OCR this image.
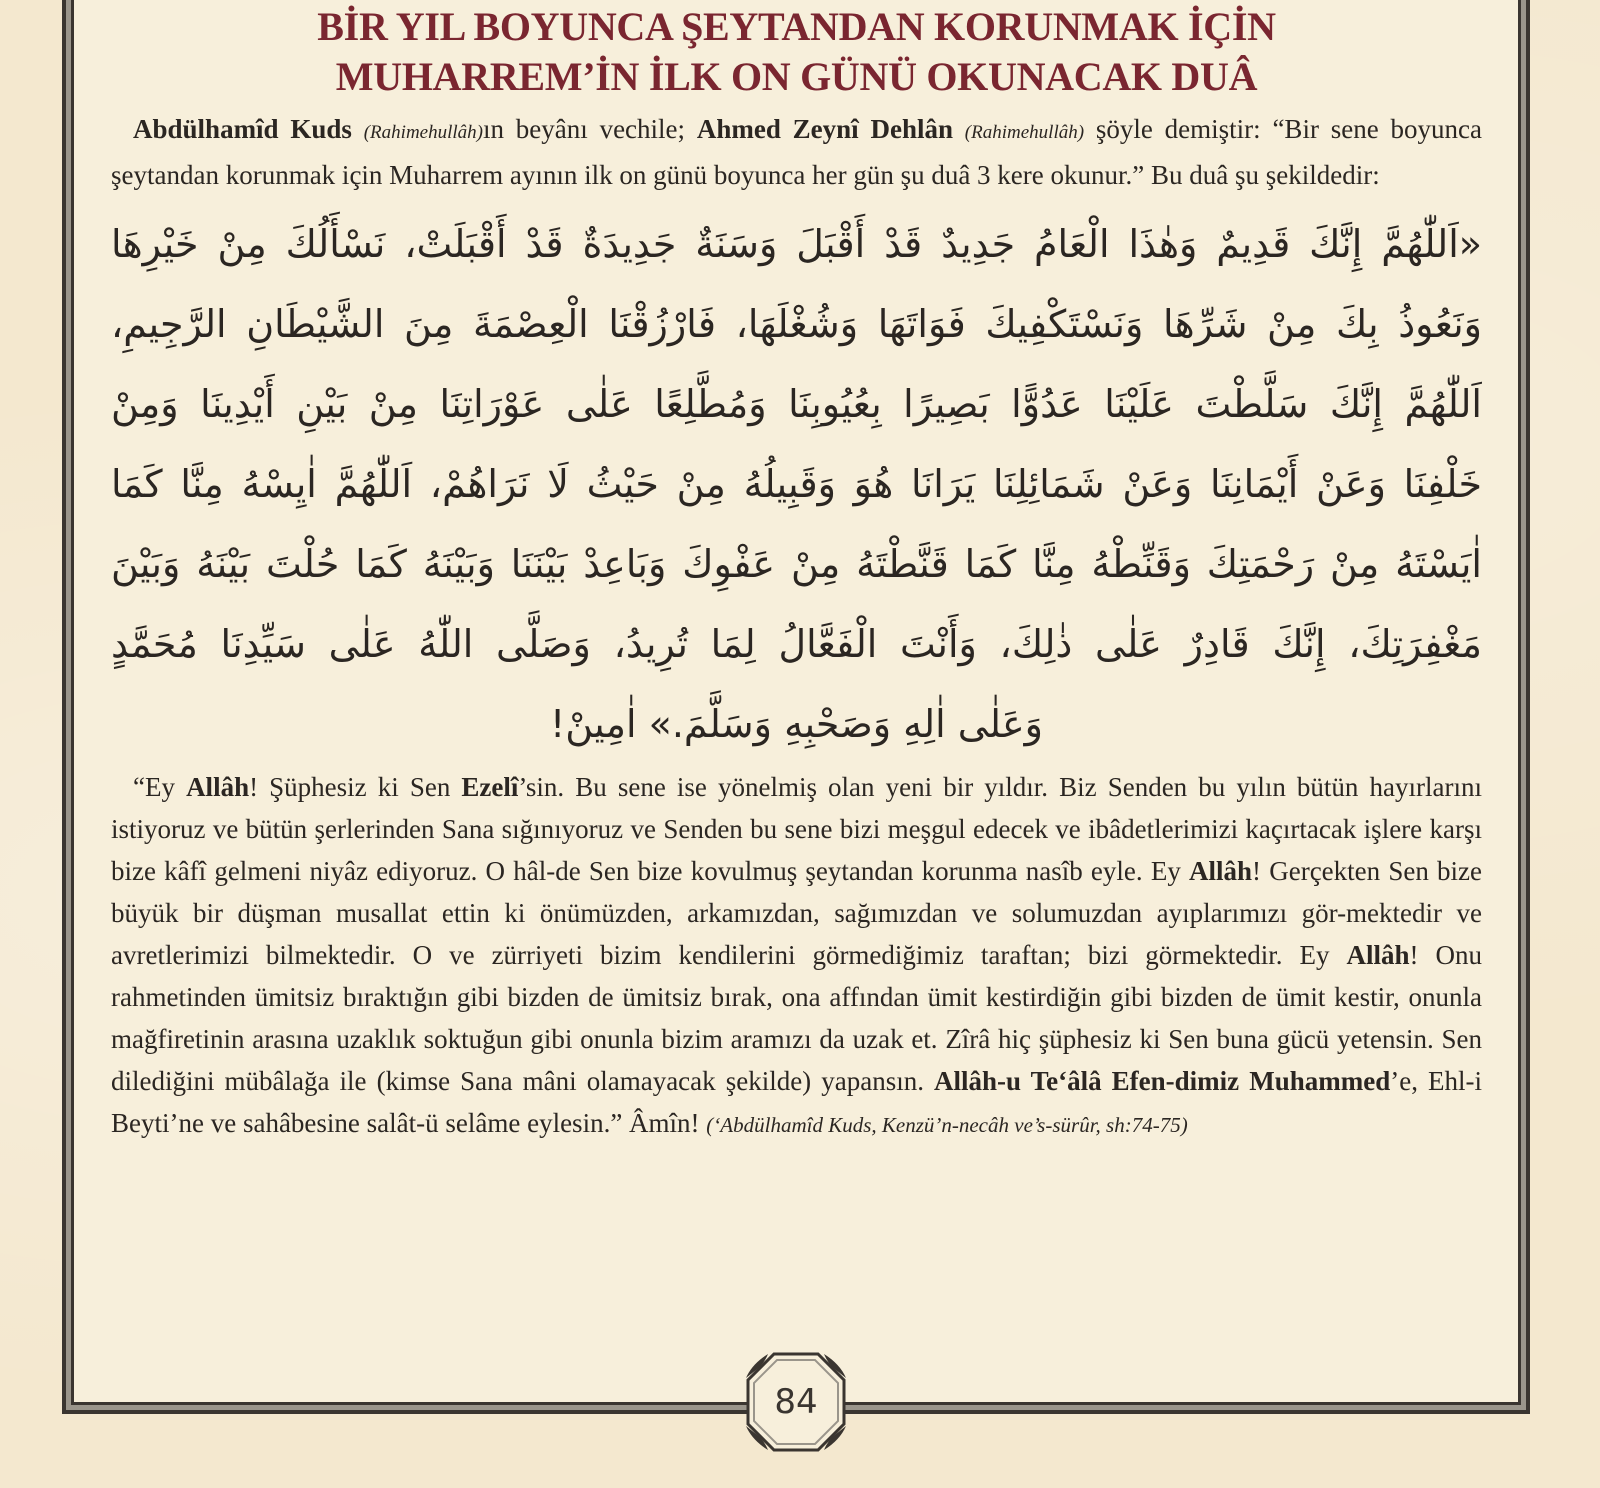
BİR YIL BOYUNCA ŞEYTANDAN KORUNMAK İÇİN
MUHARREM’İN İLK ON GÜNÜ OKUNACAK DUÂ

Abdülhamîd Kuds (Rahimehullâh)ın beyânı vechile; Ahmed Zeynî Dehlân (Rahimehullâh) şöyle demiştir: “Bir sene boyunca şeytandan korunmak için Muharrem ayının ilk on günü boyunca her gün şu duâ 3 kere okunur.” Bu duâ şu şekildedir:

«اَللّٰهُمَّ إِنَّكَ قَدِيمٌ وَهٰذَا الْعَامُ جَدِيدٌ قَدْ أَقْبَلَ وَسَنَةٌ جَدِيدَةٌ قَدْ أَقْبَلَتْ، نَسْأَلُكَ مِنْ خَيْرِهَا
وَنَعُوذُ بِكَ مِنْ شَرِّهَا وَنَسْتَكْفِيكَ فَوَاتَهَا وَشُغْلَهَا، فَارْزُقْنَا الْعِصْمَةَ مِنَ الشَّيْطَانِ الرَّجِيمِ،
اَللّٰهُمَّ إِنَّكَ سَلَّطْتَ عَلَيْنَا عَدُوًّا بَصِيرًا بِعُيُوبِنَا وَمُطَّلِعًا عَلٰى عَوْرَاتِنَا مِنْ بَيْنِ أَيْدِينَا وَمِنْ
خَلْفِنَا وَعَنْ أَيْمَانِنَا وَعَنْ شَمَائِلِنَا يَرَانَا هُوَ وَقَبِيلُهُ مِنْ حَيْثُ لَا نَرَاهُمْ، اَللّٰهُمَّ اٰيِسْهُ مِنَّا كَمَا
اٰيَسْتَهُ مِنْ رَحْمَتِكَ وَقَنِّطْهُ مِنَّا كَمَا قَنَّطْتَهُ مِنْ عَفْوِكَ وَبَاعِدْ بَيْنَنَا وَبَيْنَهُ كَمَا حُلْتَ بَيْنَهُ وَبَيْنَ
مَغْفِرَتِكَ، إِنَّكَ قَادِرٌ عَلٰى ذٰلِكَ، وَأَنْتَ الْفَعَّالُ لِمَا تُرِيدُ، وَصَلَّى اللّٰهُ عَلٰى سَيِّدِنَا مُحَمَّدٍ
وَعَلٰى اٰلِهِ وَصَحْبِهِ وَسَلَّمَ.» اٰمِينْ!

“Ey Allâh! Şüphesiz ki Sen Ezelî’sin. Bu sene ise yönelmiş olan yeni bir yıldır. Biz Senden bu yılın bütün hayırlarını istiyoruz ve bütün şerlerinden Sana sığınıyoruz ve Senden bu sene bizi meşgul edecek ve ibâdetlerimizi kaçırtacak işlere karşı bize kâfî gelmeni niyâz ediyoruz. O hâl-de Sen bize kovulmuş şeytandan korunma nasîb eyle. Ey Allâh! Gerçekten Sen bize büyük bir düşman musallat ettin ki önümüzden, arkamızdan, sağımızdan ve solumuzdan ayıplarımızı gör-mektedir ve avretlerimizi bilmektedir. O ve zürriyeti bizim kendilerini görmediğimiz taraftan; bizi görmektedir. Ey Allâh! Onu rahmetinden ümitsiz bıraktığın gibi bizden de ümitsiz bırak, ona affından ümit kestirdiğin gibi bizden de ümit kestir, onunla mağfiretinin arasına uzaklık soktuğun gibi onunla bizim aramızı da uzak et. Zîrâ hiç şüphesiz ki Sen buna gücü yetensin. Sen dilediğini mübâlağa ile (kimse Sana mâni olamayacak şekilde) yapansın. Allâh-u Te‘âlâ Efen-dimiz Muhammed’e, Ehl-i Beyti’ne ve sahâbesine salât-ü selâme eylesin.” Âmîn! (‘Abdülhamîd Kuds, Kenzü’n-necâh ve’s-sürûr, sh:74-75)

84
